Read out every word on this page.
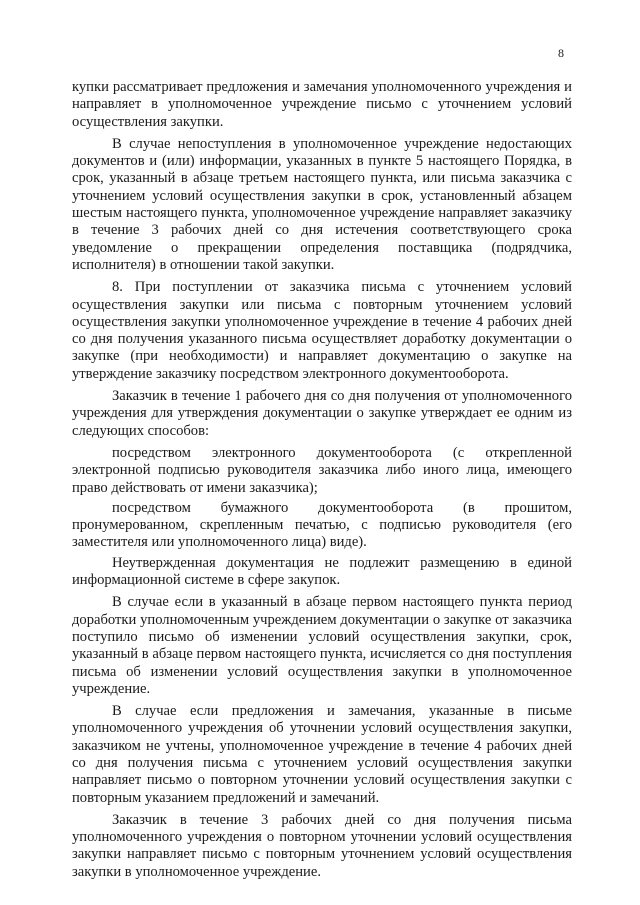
8

купки рассматривает предложения и замечания уполномоченного учреждения и направляет в уполномоченное учреждение письмо с уточнением условий осуществления закупки.

В случае непоступления в уполномоченное учреждение недостающих документов и (или) информации, указанных в пункте 5 настоящего Порядка, в срок, указанный в абзаце третьем настоящего пункта, или письма заказчика с уточнением условий осуществления закупки в срок, установленный абзацем шестым настоящего пункта, уполномоченное учреждение направляет заказчику в течение 3 рабочих дней со дня истечения соответствующего срока уведомление о прекращении определения поставщика (подрядчика, исполнителя) в отношении такой закупки.

8. При поступлении от заказчика письма с уточнением условий осуществления закупки или письма с повторным уточнением условий осуществления закупки уполномоченное учреждение в течение 4 рабочих дней со дня получения указанного письма осуществляет доработку документации о закупке (при необходимости) и направляет документацию о закупке на утверждение заказчику посредством электронного документооборота.

Заказчик в течение 1 рабочего дня со дня получения от уполномоченного учреждения для утверждения документации о закупке утверждает ее одним из следующих способов:

посредством электронного документооборота (с открепленной электронной подписью руководителя заказчика либо иного лица, имеющего право действовать от имени заказчика);

посредством бумажного документооборота (в прошитом, пронумерованном, скрепленным печатью, с подписью руководителя (его заместителя или уполномоченного лица) виде).

Неутвержденная документация не подлежит размещению в единой информационной системе в сфере закупок.

В случае если в указанный в абзаце первом настоящего пункта период доработки уполномоченным учреждением документации о закупке от заказчика поступило письмо об изменении условий осуществления закупки, срок, указанный в абзаце первом настоящего пункта, исчисляется со дня поступления письма об изменении условий осуществления закупки в уполномоченное учреждение.

В случае если предложения и замечания, указанные в письме уполномоченного учреждения об уточнении условий осуществления закупки, заказчиком не учтены, уполномоченное учреждение в течение 4 рабочих дней со дня получения письма с уточнением условий осуществления закупки направляет письмо о повторном уточнении условий осуществления закупки с повторным указанием предложений и замечаний.

Заказчик в течение 3 рабочих дней со дня получения письма уполномоченного учреждения о повторном уточнении условий осуществления закупки направляет письмо с повторным уточнением условий осуществления закупки в уполномоченное учреждение.
